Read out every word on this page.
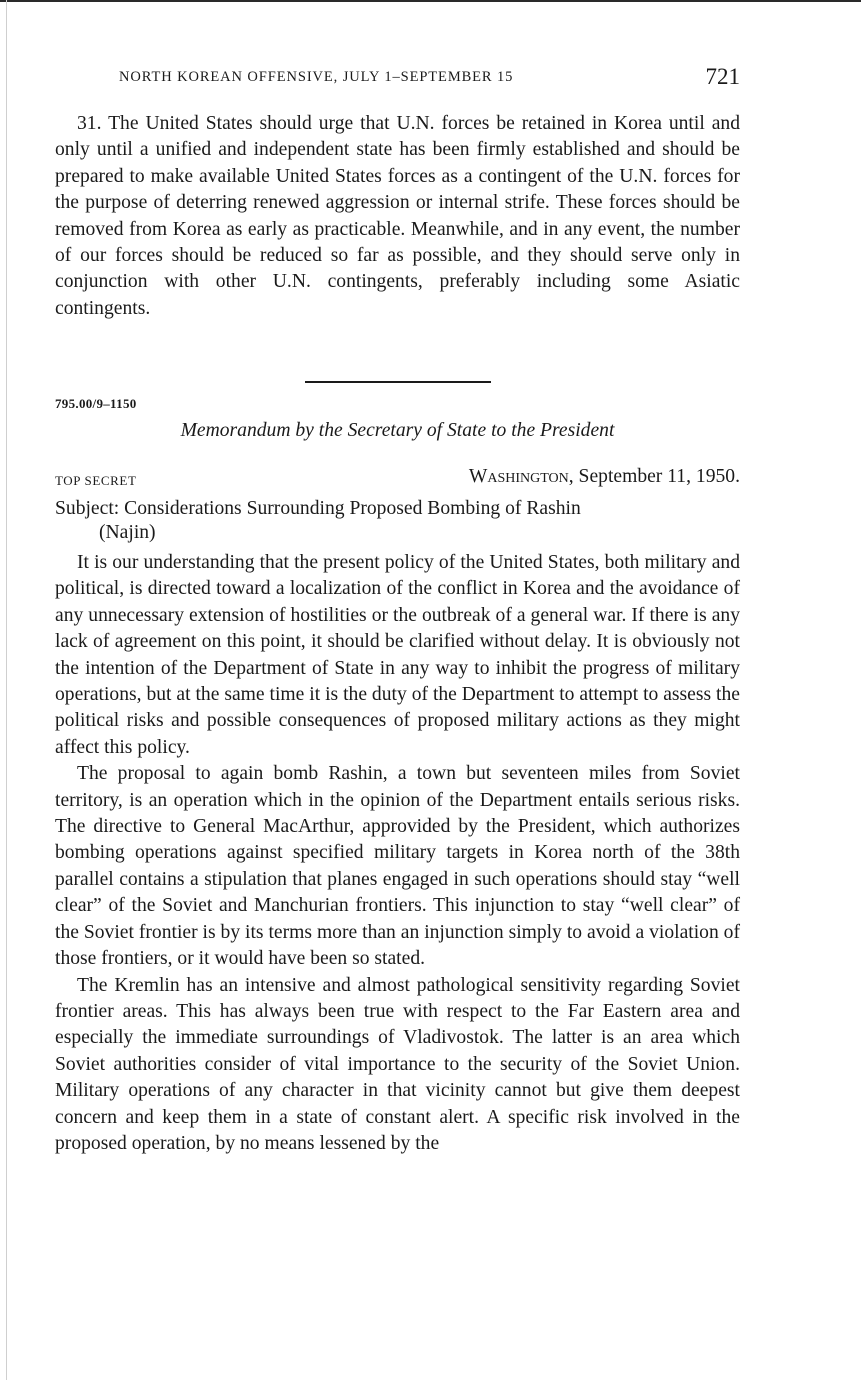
NORTH KOREAN OFFENSIVE, JULY 1–SEPTEMBER 15	721

31. The United States should urge that U.N. forces be retained in Korea until and only until a unified and independent state has been firmly established and should be prepared to make available United States forces as a contingent of the U.N. forces for the purpose of deterring renewed aggression or internal strife. These forces should be removed from Korea as early as practicable. Meanwhile, and in any event, the number of our forces should be reduced so far as possible, and they should serve only in conjunction with other U.N. contingents, preferably including some Asiatic contingents.

795.00/9–1150
Memorandum by the Secretary of State to the President
TOP SECRET	Washington, September 11, 1950.
Subject: Considerations Surrounding Proposed Bombing of Rashin
(Najin)

It is our understanding that the present policy of the United States, both military and political, is directed toward a localization of the conflict in Korea and the avoidance of any unnecessary extension of hostilities or the outbreak of a general war. If there is any lack of agreement on this point, it should be clarified without delay. It is obviously not the intention of the Department of State in any way to inhibit the progress of military operations, but at the same time it is the duty of the Department to attempt to assess the political risks and possible consequences of proposed military actions as they might affect this policy.

The proposal to again bomb Rashin, a town but seventeen miles from Soviet territory, is an operation which in the opinion of the Department entails serious risks. The directive to General MacArthur, approvided by the President, which authorizes bombing operations against specified military targets in Korea north of the 38th parallel contains a stipulation that planes engaged in such operations should stay “well clear” of the Soviet and Manchurian frontiers. This injunction to stay “well clear” of the Soviet frontier is by its terms more than an injunction simply to avoid a violation of those frontiers, or it would have been so stated.

The Kremlin has an intensive and almost pathological sensitivity regarding Soviet frontier areas. This has always been true with respect to the Far Eastern area and especially the immediate surroundings of Vladivostok. The latter is an area which Soviet authorities consider of vital importance to the security of the Soviet Union. Military operations of any character in that vicinity cannot but give them deepest concern and keep them in a state of constant alert. A specific risk involved in the proposed operation, by no means lessened by the
